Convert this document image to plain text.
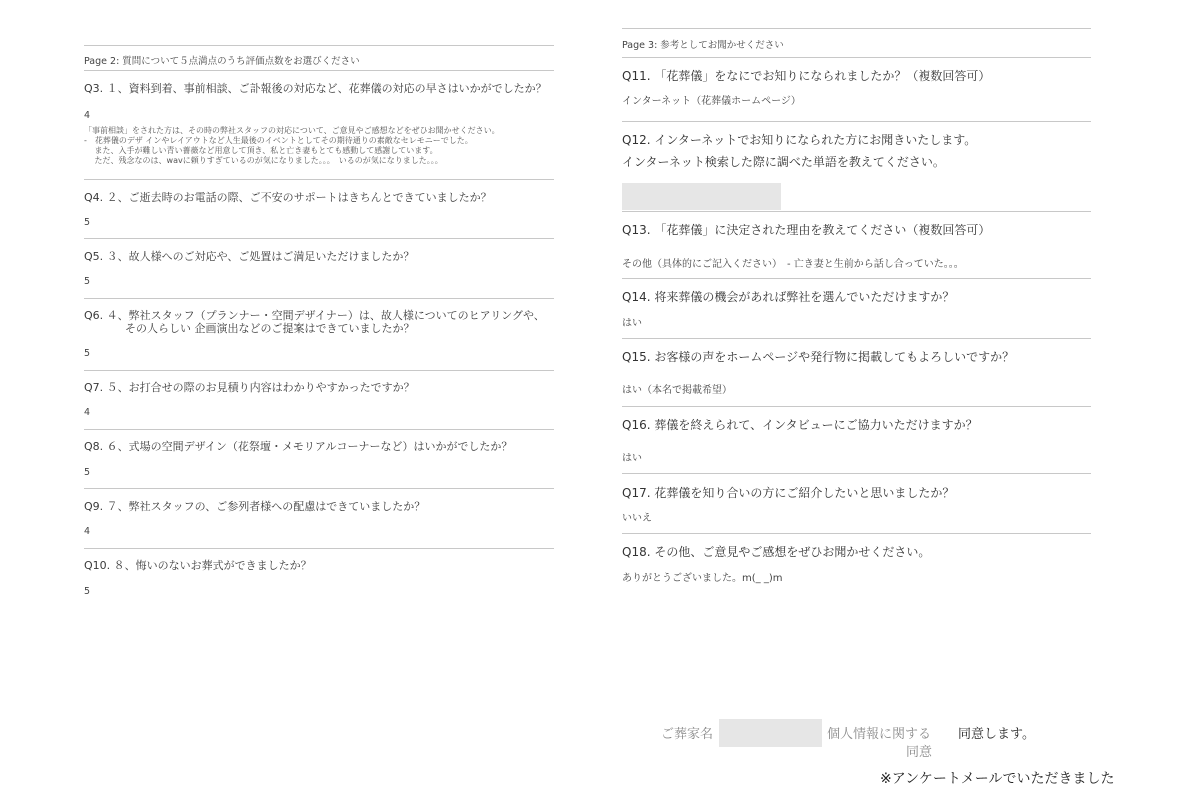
Page 2: 質問について５点満点のうち評価点数をお選びください
Q3. １、資料到着、事前相談、ご訃報後の対応など、花葬儀の対応の早さはいかがでしたか？
4
「事前相談」をされた方は、その時の弊社スタッフの対応について、ご意見やご感想などをぜひお聞かせください。
-　花葬儀のデザ インやレイアウトなど人生最後のイベントとしてその期待通りの素敵なセレモニーでした。
　 また、入手が難しい青い薔薇など用意して頂き、私と亡き妻もとても感動して感謝しています。
　 ただ、残念なのは、wavに頼りすぎているのが気になりました。。。　いるのが気になりました。。。
Q4. ２、ご逝去時のお電話の際、ご不安のサポートはきちんとできていましたか？
5
Q5. ３、故人様へのご対応や、ご処置はご満足いただけましたか？
5
Q6. ４、弊社スタッフ（プランナー・空間デザイナー）は、故人様についてのヒアリングや、
その人らしい 企画演出などのご提案はできていましたか？
5
Q7. ５、お打合せの際のお見積り内容はわかりやすかったですか？
4
Q8. ６、式場の空間デザイン（花祭壇・メモリアルコーナーなど）はいかがでしたか？
5
Q9. ７、弊社スタッフの、ご参列者様への配慮はできていましたか？
4
Q10. ８、悔いのないお葬式ができましたか？
5
Page 3: 参考としてお聞かせください
Q11. 「花葬儀」をなにでお知りになられましたか？（複数回答可）
インターネット（花葬儀ホームページ）
Q12. インターネットでお知りになられた方にお聞きいたします。
インターネット検索した際に調べた単語を教えてください。
Q13. 「花葬儀」に決定された理由を教えてください（複数回答可）
その他（具体的にご記入ください）　- 亡き妻と生前から話し合っていた。。。
Q14. 将来葬儀の機会があれば弊社を選んでいただけますか？
はい
Q15. お客様の声をホームページや発行物に掲載してもよろしいですか？
はい（本名で掲載希望）
Q16. 葬儀を終えられて、インタビューにご協力いただけますか？
はい
Q17. 花葬儀を知り合いの方にご紹介したいと思いましたか？
いいえ
Q18. その他、ご意見やご感想をぜひお聞かせください。
ありがとうございました。m(_ _)m
ご葬家名	個人情報に関する
同意
同意します。
※アンケートメールでいただきました
